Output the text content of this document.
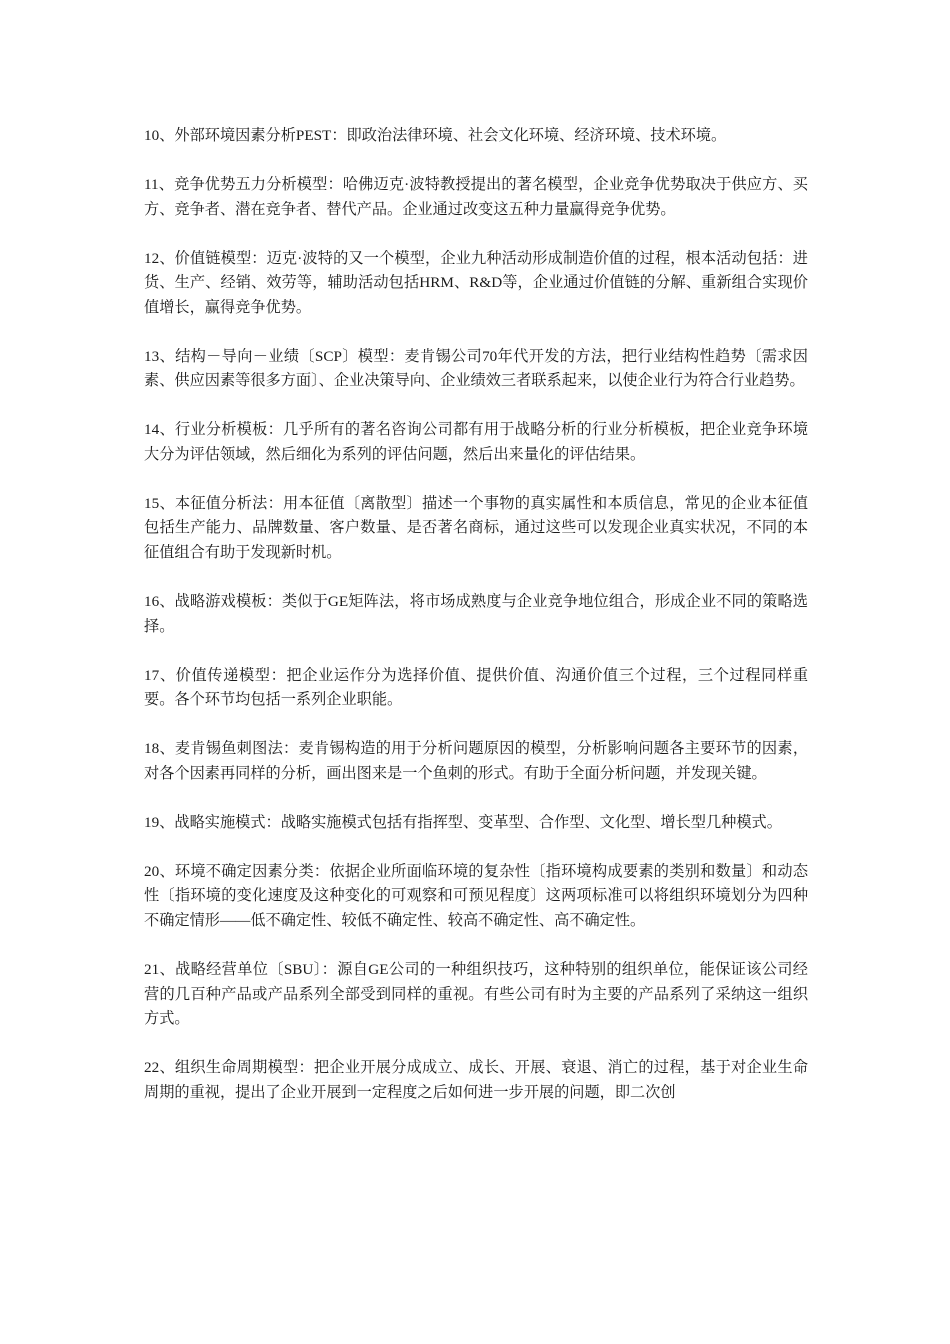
10、外部环境因素分析PEST：即政治法律环境、社会文化环境、经济环境、技术环境。

11、竞争优势五力分析模型：哈佛迈克·波特教授提出的著名模型，企业竞争优势取决于供应方、买方、竞争者、潜在竞争者、替代产品。企业通过改变这五种力量赢得竞争优势。

12、价值链模型：迈克·波特的又一个模型，企业九种活动形成制造价值的过程，根本活动包括：进货、生产、经销、效劳等，辅助活动包括HRM、R&D等，企业通过价值链的分解、重新组合实现价值增长，赢得竞争优势。

13、结构－导向－业绩〔SCP〕模型：麦肯锡公司70年代开发的方法，把行业结构性趋势〔需求因素、供应因素等很多方面〕、企业决策导向、企业绩效三者联系起来，以使企业行为符合行业趋势。

14、行业分析模板：几乎所有的著名咨询公司都有用于战略分析的行业分析模板，把企业竞争环境大分为评估领域，然后细化为系列的评估问题，然后出来量化的评估结果。

15、本征值分析法：用本征值〔离散型〕描述一个事物的真实属性和本质信息，常见的企业本征值包括生产能力、品牌数量、客户数量、是否著名商标，通过这些可以发现企业真实状况，不同的本征值组合有助于发现新时机。

16、战略游戏模板：类似于GE矩阵法，将市场成熟度与企业竞争地位组合，形成企业不同的策略选择。

17、价值传递模型：把企业运作分为选择价值、提供价值、沟通价值三个过程，三个过程同样重要。各个环节均包括一系列企业职能。

18、麦肯锡鱼刺图法：麦肯锡构造的用于分析问题原因的模型，分析影响问题各主要环节的因素，对各个因素再同样的分析，画出图来是一个鱼刺的形式。有助于全面分析问题，并发现关键。

19、战略实施模式：战略实施模式包括有指挥型、变革型、合作型、文化型、增长型几种模式。

20、环境不确定因素分类：依据企业所面临环境的复杂性〔指环境构成要素的类别和数量〕和动态性〔指环境的变化速度及这种变化的可观察和可预见程度〕这两项标准可以将组织环境划分为四种不确定情形——低不确定性、较低不确定性、较高不确定性、高不确定性。

21、战略经营单位〔SBU〕：源自GE公司的一种组织技巧，这种特别的组织单位，能保证该公司经营的几百种产品或产品系列全部受到同样的重视。有些公司有时为主要的产品系列了采纳这一组织方式。

22、组织生命周期模型：把企业开展分成成立、成长、开展、衰退、消亡的过程，基于对企业生命周期的重视，提出了企业开展到一定程度之后如何进一步开展的问题，即二次创
